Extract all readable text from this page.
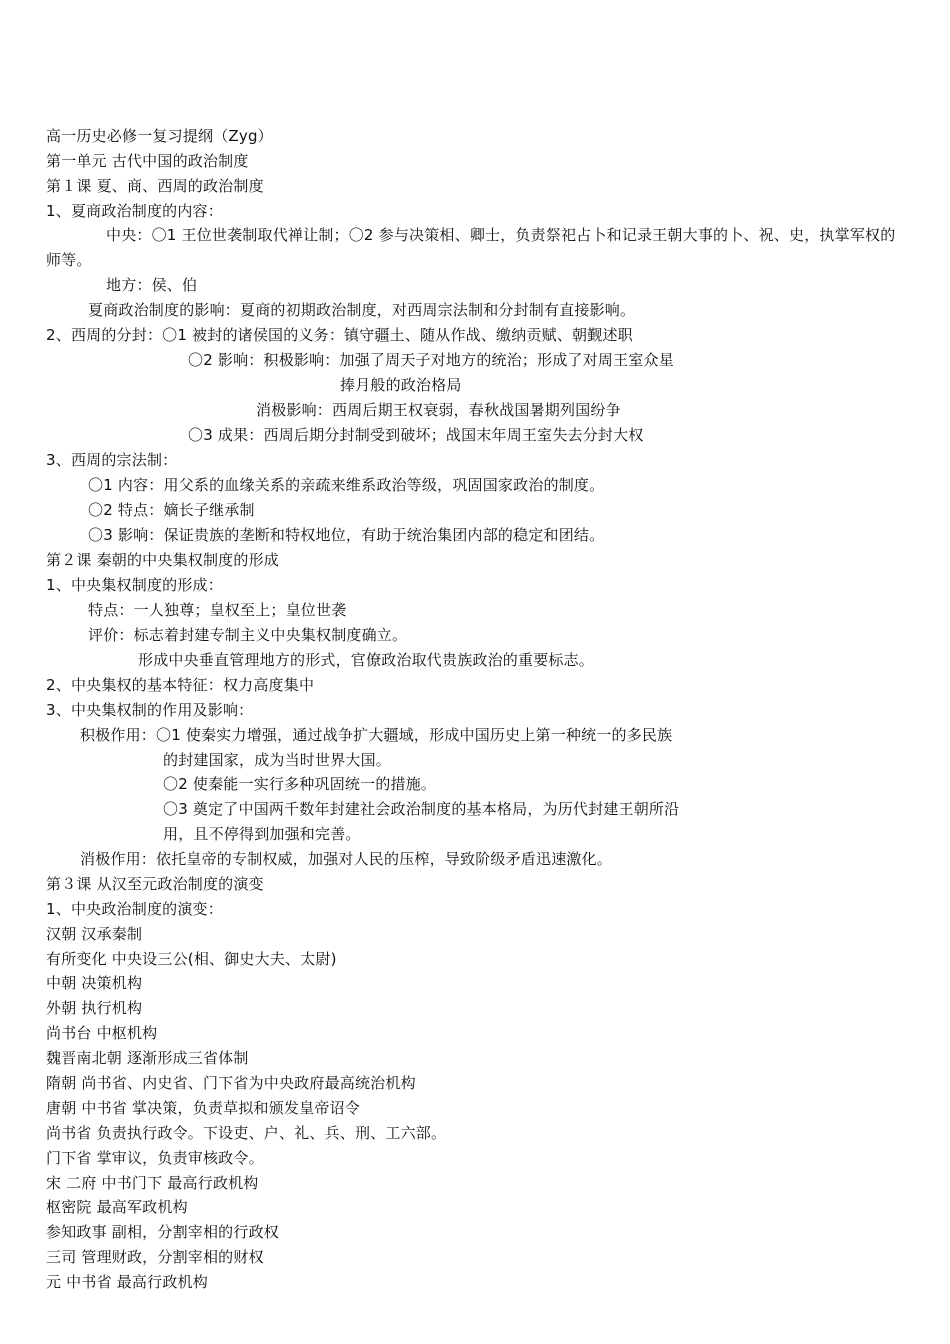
高一历史必修一复习提纲（Zyg）
第一单元 古代中国的政治制度
第１课 夏、商、西周的政治制度
1、夏商政治制度的内容：
中央：〇1 王位世袭制取代禅让制；〇2 参与决策相、卿士，负责祭祀占卜和记录王朝大事的卜、祝、史，执掌军权的师等。
地方：侯、伯
夏商政治制度的影响：夏商的初期政治制度，对西周宗法制和分封制有直接影响。
2、西周的分封：〇1 被封的诸侯国的义务：镇守疆土、随从作战、缴纳贡赋、朝觐述职
〇2 影响：积极影响：加强了周天子对地方的统治；形成了对周王室众星
捧月般的政治格局
消极影响：西周后期王权衰弱，春秋战国暑期列国纷争
〇3 成果：西周后期分封制受到破坏；战国末年周王室失去分封大权
3、西周的宗法制：
〇1 内容：用父系的血缘关系的亲疏来维系政治等级，巩固国家政治的制度。
〇2 特点：嫡长子继承制
〇3 影响：保证贵族的垄断和特权地位，有助于统治集团内部的稳定和团结。
第２课 秦朝的中央集权制度的形成
1、中央集权制度的形成：
特点：一人独尊；皇权至上；皇位世袭
评价：标志着封建专制主义中央集权制度确立。
形成中央垂直管理地方的形式，官僚政治取代贵族政治的重要标志。
2、中央集权的基本特征：权力高度集中
3、中央集权制的作用及影响：
积极作用：〇1 使秦实力增强，通过战争扩大疆域，形成中国历史上第一种统一的多民族
的封建国家，成为当时世界大国。
〇2 使秦能一实行多种巩固统一的措施。
〇3 奠定了中国两千数年封建社会政治制度的基本格局，为历代封建王朝所沿
用，且不停得到加强和完善。
消极作用：依托皇帝的专制权威，加强对人民的压榨，导致阶级矛盾迅速激化。
第３课 从汉至元政治制度的演变
1、中央政治制度的演变：
汉朝 汉承秦制
有所变化 中央设三公(相、御史大夫、太尉)
中朝 决策机构
外朝 执行机构
尚书台 中枢机构
魏晋南北朝 逐渐形成三省体制
隋朝 尚书省、内史省、门下省为中央政府最高统治机构
唐朝 中书省 掌决策，负责草拟和颁发皇帝诏令
尚书省 负责执行政令。下设吏、户、礼、兵、刑、工六部。
门下省 掌审议，负责审核政令。
宋 二府 中书门下 最高行政机构
枢密院 最高军政机构
参知政事 副相，分割宰相的行政权
三司 管理财政，分割宰相的财权
元 中书省 最高行政机构
